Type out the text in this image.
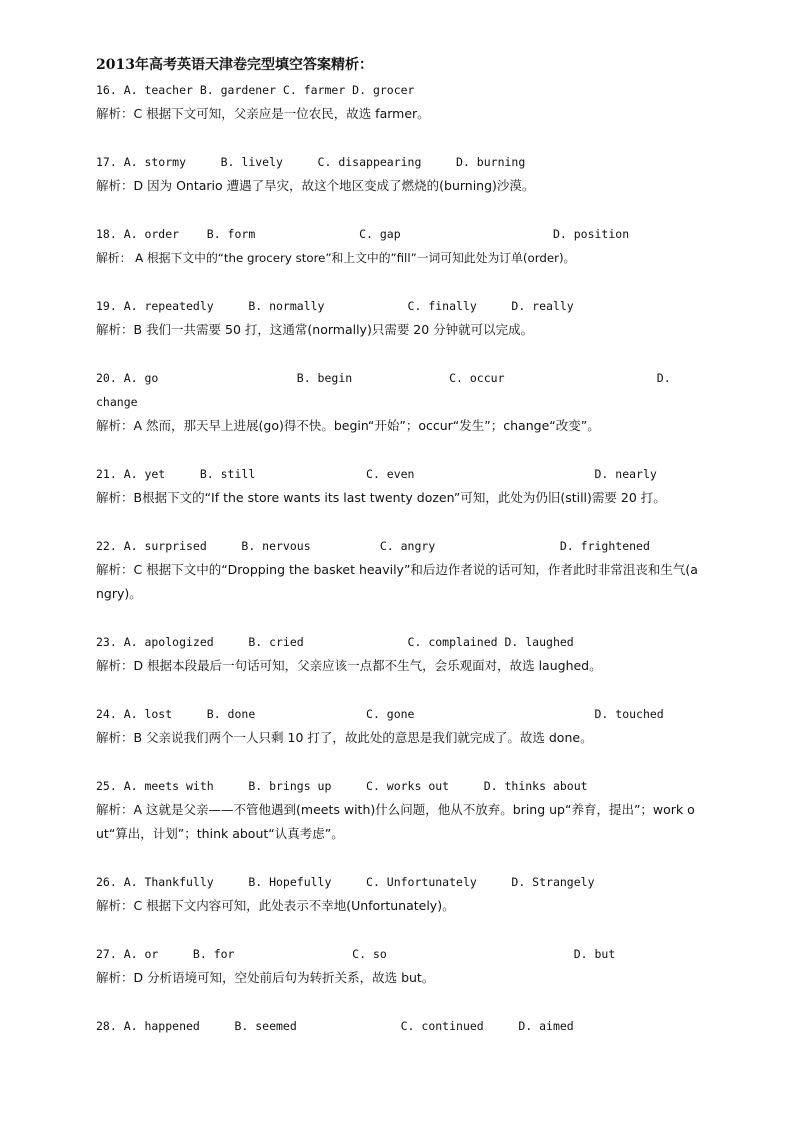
2013年高考英语天津卷完型填空答案精析：
16. A. teacher B. gardener C. farmer D. grocer
解析：C 根据下文可知，父亲应是一位农民，故选 farmer。
17. A. stormy     B. lively     C. disappearing     D. burning
解析：D 因为 Ontario 遭遇了旱灾，故这个地区变成了燃烧的(burning)沙漠。
18. A. order    B. form               C. gap                      D. position
解析： A 根据下文中的“the grocery store”和上文中的”fill”一词可知此处为订单(order)。
19. A. repeatedly     B. normally            C. finally     D. really
解析：B 我们一共需要 50 打，这通常(normally)只需要 20 分钟就可以完成。
20. A. go                    B. begin              C. occur                      D. change
解析：A 然而，那天早上进展(go)得不快。begin“开始”；occur“发生”；change“改变”。
21. A. yet     B. still                C. even                          D. nearly
解析：B根据下文的“If the store wants its last twenty dozen”可知，此处为仍旧(still)需要 20 打。
22. A. surprised     B. nervous          C. angry                  D. frightened
解析：C 根据下文中的“Dropping the basket heavily”和后边作者说的话可知，作者此时非常沮丧和生气(angry)。
23. A. apologized     B. cried               C. complained D. laughed
解析：D 根据本段最后一句话可知，父亲应该一点都不生气，会乐观面对，故选 laughed。
24. A. lost     B. done                C. gone                          D. touched
解析：B 父亲说我们两个一人只剩 10 打了，故此处的意思是我们就完成了。故选 done。
25. A. meets with     B. brings up     C. works out     D. thinks about
解析：A 这就是父亲——不管他遇到(meets with)什么问题，他从不放弃。bring up“养育，提出”；work out“算出，计划”；think about“认真考虑”。
26. A. Thankfully     B. Hopefully     C. Unfortunately     D. Strangely
解析：C 根据下文内容可知，此处表示不幸地(Unfortunately)。
27. A. or     B. for                 C. so                           D. but
解析：D 分析语境可知，空处前后句为转折关系，故选 but。
28. A. happened     B. seemed               C. continued     D. aimed
